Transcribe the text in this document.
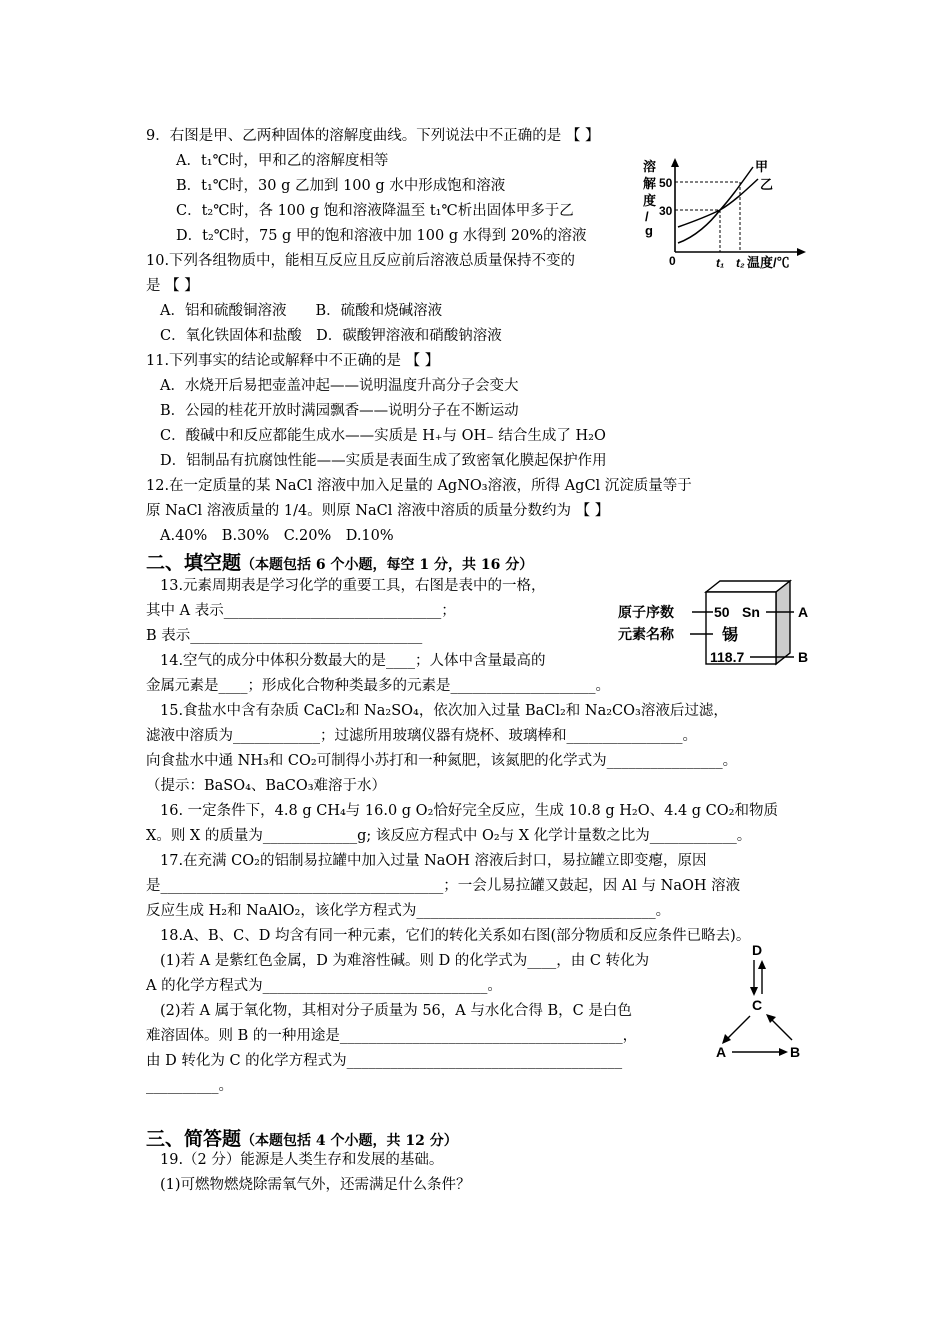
9．右图是甲、乙两种固体的溶解度曲线。下列说法中不正确的是 【 】
A．t₁℃时，甲和乙的溶解度相等
B．t₁℃时，30 g 乙加到 100 g 水中形成饱和溶液
C．t₂℃时，各 100 g 饱和溶液降温至 t₁℃析出固体甲多于乙
D．t₂℃时，75 g 甲的饱和溶液中加 100 g 水得到 20%的溶液
溶
解
度
/
g
50
30
0	t₁ t₂ 温度/℃
甲
乙
10.下列各组物质中，能相互反应且反应前后溶液总质量保持不变的
是 【 】
A．铝和硫酸铜溶液　　B．硫酸和烧碱溶液
C．氧化铁固体和盐酸　D．碳酸钾溶液和硝酸钠溶液
11.下列事实的结论或解释中不正确的是 【 】
A．水烧开后易把壶盖冲起——说明温度升高分子会变大
B．公园的桂花开放时满园飘香——说明分子在不断运动
C．酸碱中和反应都能生成水——实质是 H₊与 OH₋ 结合生成了 H₂O
D．铝制品有抗腐蚀性能——实质是表面生成了致密氧化膜起保护作用
12.在一定质量的某 NaCl 溶液中加入足量的 AgNO₃溶液，所得 AgCl 沉淀质量等于
原 NaCl 溶液质量的 1/4。则原 NaCl 溶液中溶质的质量分数约为 【 】
A.40%　B.30%　C.20%　D.10%
二、填空题（本题包括 6 个小题，每空 1 分，共 16 分）
13.元素周期表是学习化学的重要工具，右图是表中的一格，
其中 A 表示______________________________；
B 表示________________________________
原子序数
元素名称
50 Sn
锡
118.7
A
B
14.空气的成分中体积分数最大的是____；人体中含量最高的
金属元素是____；形成化合物种类最多的元素是____________________。
15.食盐水中含有杂质 CaCl₂和 Na₂SO₄，依次加入过量 BaCl₂和 Na₂CO₃溶液后过滤，
滤液中溶质为____________；过滤所用玻璃仪器有烧杯、玻璃棒和________________。
向食盐水中通 NH₃和 CO₂可制得小苏打和一种氮肥，该氮肥的化学式为________________。
（提示：BaSO₄、BaCO₃难溶于水）
16. 一定条件下，4.8 g CH₄与 16.0 g O₂恰好完全反应，生成 10.8 g H₂O、4.4 g CO₂和物质
X。则 X 的质量为_____________g; 该反应方程式中 O₂与 X 化学计量数之比为____________。
17.在充满 CO₂的铝制易拉罐中加入过量 NaOH 溶液后封口，易拉罐立即变瘪，原因
是_______________________________________；一会儿易拉罐又鼓起，因 Al 与 NaOH 溶液
反应生成 H₂和 NaAlO₂，该化学方程式为_________________________________。
18.A、B、C、D 均含有同一种元素，它们的转化关系如右图(部分物质和反应条件已略去)。
(1)若 A 是紫红色金属，D 为难溶性碱。则 D 的化学式为____，由 C 转化为
A 的化学方程式为_______________________________。
(2)若 A 属于氧化物，其相对分子质量为 56，A 与水化合得 B，C 是白色
难溶固体。则 B 的一种用途是_______________________________________，
由 D 转化为 C 的化学方程式为______________________________________
__________。
D
C
A	B
三、简答题（本题包括 4 个小题，共 12 分）
19.（2 分）能源是人类生存和发展的基础。
(1)可燃物燃烧除需氧气外，还需满足什么条件？
